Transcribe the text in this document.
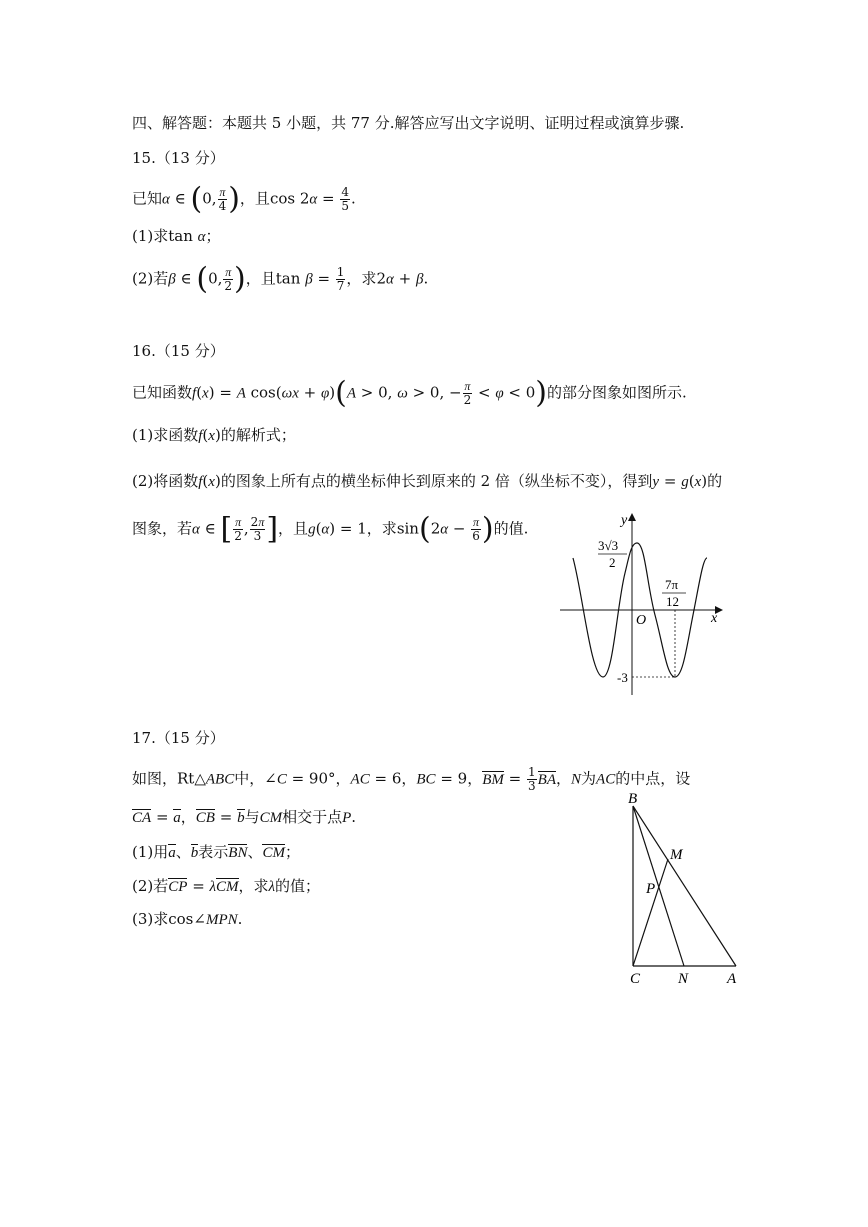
四、解答题：本题共 5 小题，共 77 分.解答应写出文字说明、证明过程或演算步骤.
15.（13 分）
已知α ∈ (0, $\frac{\pi}{4}$ )，且$\cos 2\alpha = \frac{4}{5}$ .
(1)求tan α；
(2)若β ∈ (0, $\frac{\pi}{2}$ )，且$\tan \beta = \frac{1}{7}$ ，求2α + β.
16.（15 分）
已知函数f(x) = A cos(ωx + φ)(A > 0, ω > 0, − $\frac{\pi}{2} < \varphi < 0$)的部分图象如图所示.
(1)求函数f(x)的解析式；
(2)将函数f(x)的图象上所有点的横坐标伸长到原来的 2 倍（纵坐标不变），得到y = g(x)的
图象，若α ∈ [ $\frac{\pi}{2}$ , $\frac{2\pi}{3}$ ]，且g(α) = 1，求$\sin(2\alpha - \frac{\pi}{6}$ )的值.	y
x
O
3√3
2
7π
12
-3
17.（15 分）
如图，Rt△ABC中，∠C = 90°，AC = 6，BC = 9，BM = $\frac{1}{3}$ BA，N为AC的中点，设
CA = a，CB = b与CM相交于点P.
(1)用a、b表示BN、CM；
(2)若CP = λCM，求λ的值；
(3)求cos∠MPN.
B
M
P
C	N	A
